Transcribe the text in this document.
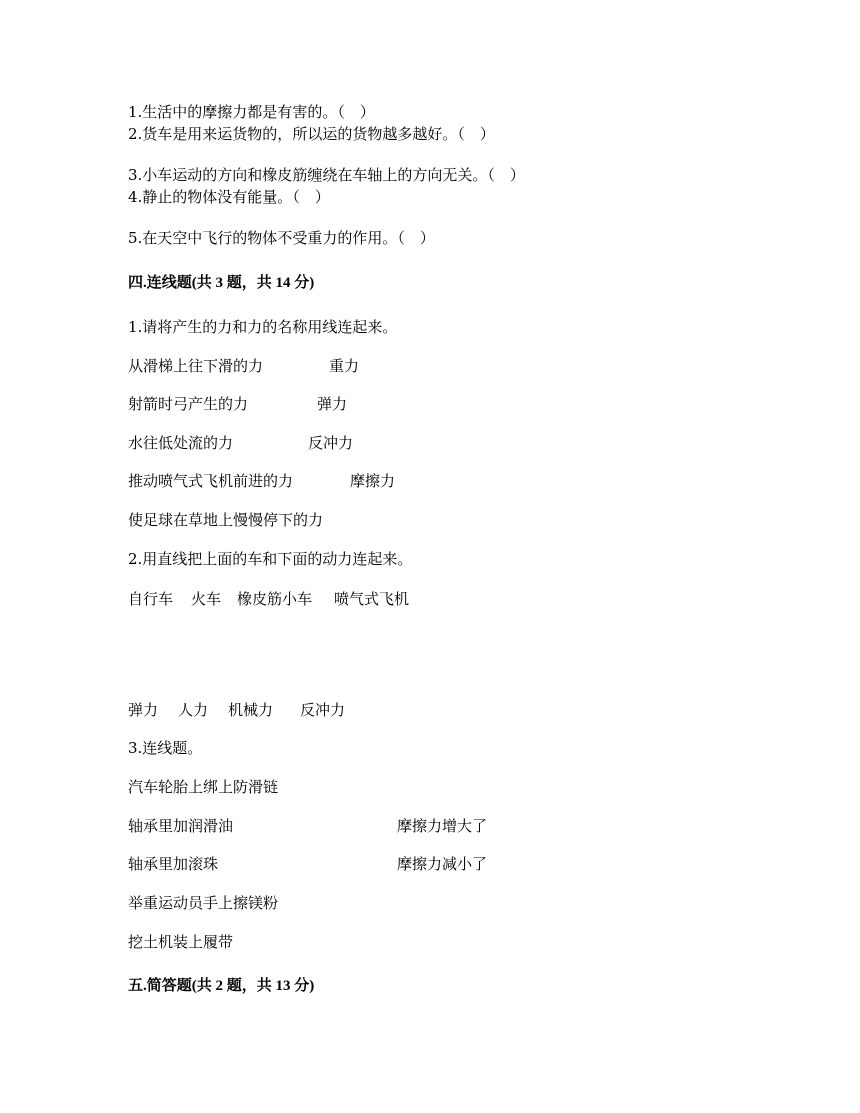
1.生活中的摩擦力都是有害的。（　）
2.货车是用来运货物的，所以运的货物越多越好。（　）
3.小车运动的方向和橡皮筋缠绕在车轴上的方向无关。（　）
4.静止的物体没有能量。（　）
5.在天空中飞行的物体不受重力的作用。（　）
四.连线题(共 3 题，共 14 分)
1.请将产生的力和力的名称用线连起来。
从滑梯上往下滑的力	重力
射箭时弓产生的力	弹力
水往低处流的力	反冲力
推动喷气式飞机前进的力	摩擦力
使足球在草地上慢慢停下的力
2.用直线把上面的车和下面的动力连起来。
自行车 火车 橡皮筋小车 喷气式飞机
弹力 人力 机械力 反冲力
3.连线题。
汽车轮胎上绑上防滑链
轴承里加润滑油	摩擦力增大了
轴承里加滚珠	摩擦力减小了
举重运动员手上擦镁粉
挖土机装上履带
五.简答题(共 2 题，共 13 分)
